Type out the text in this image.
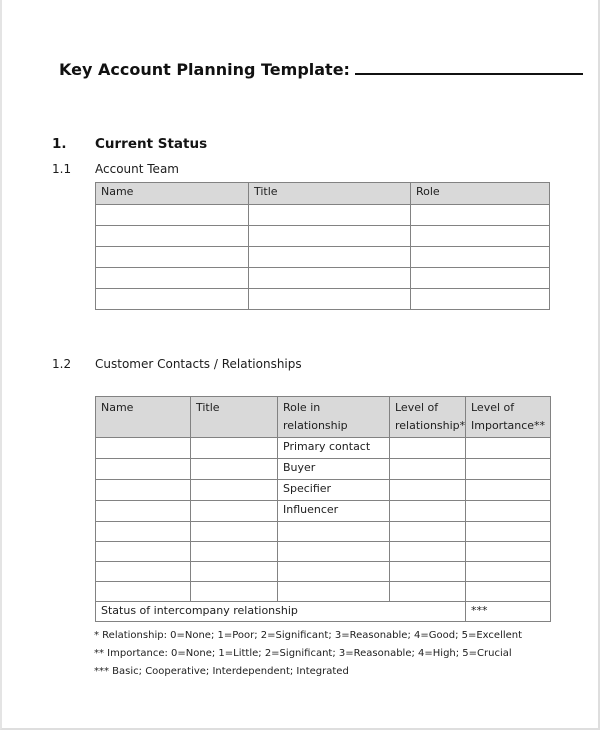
Key Account Planning Template:
1. Current Status
1.1 Account Team
Name	Title	Role

1.2 Customer Contacts / Relationships
Name	Title	Role in relationship	Level of relationship*	Level of Importance**
		Primary contact		
		Buyer		
		Specifier		
		Influencer		

Status of intercompany relationship				***
* Relationship: 0=None; 1=Poor; 2=Significant; 3=Reasonable; 4=Good; 5=Excellent
** Importance: 0=None; 1=Little; 2=Significant; 3=Reasonable; 4=High; 5=Crucial
*** Basic; Cooperative; Interdependent; Integrated
